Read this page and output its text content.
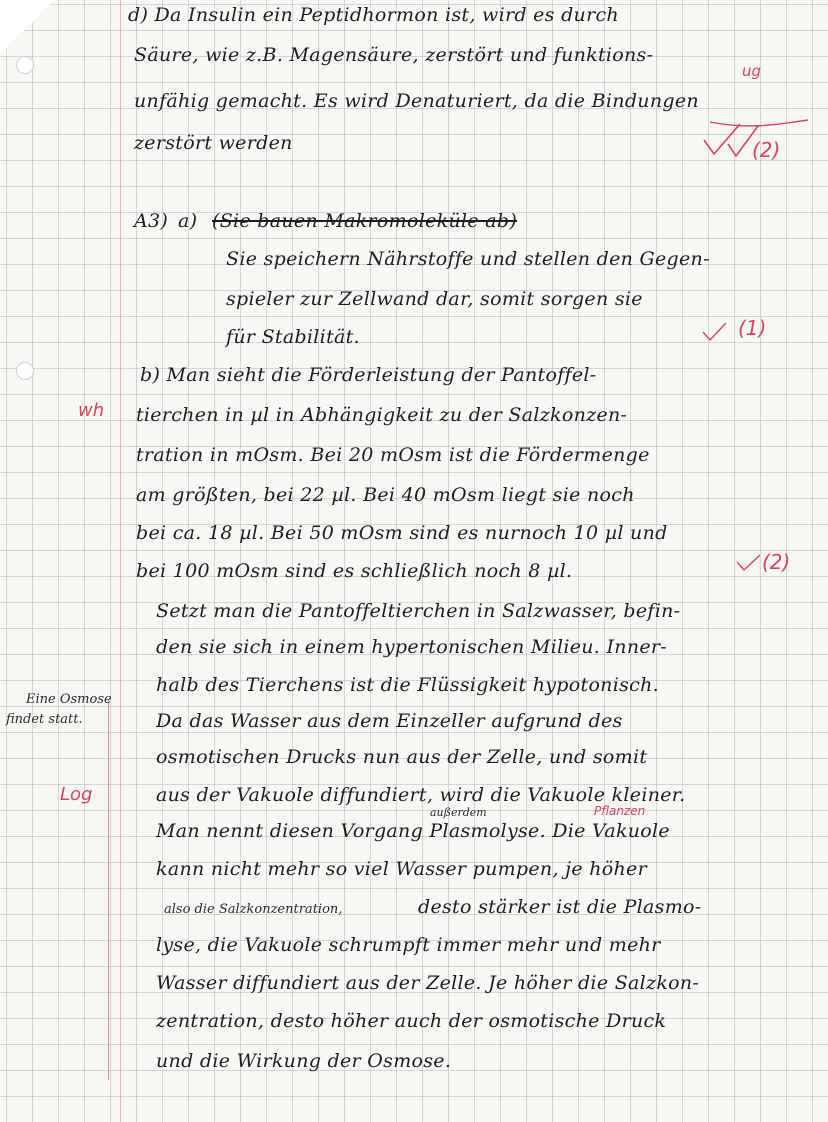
d) Da Insulin ein Peptidhormon ist, wird es durch
Säure, wie z.B. Magensäure, zerstört und funktions-
unfähig gemacht. Es wird Denaturiert, da die Bindungen
zerstört werden
ug
(2)
A3) a) (Sie bauen Makromoleküle ab)
Sie speichern Nährstoffe und stellen den Gegen-
spieler zur Zellwand dar, somit sorgen sie
für Stabilität.	(1)
b) Man sieht die Förderleistung der Pantoffel-
wh tierchen in µl in Abhängigkeit zu der Salzkonzen-
tration in mOsm. Bei 20 mOsm ist die Fördermenge
am größten, bei 22 µl. Bei 40 mOsm liegt sie noch
bei ca. 18 µl. Bei 50 mOsm sind es nurnoch 10 µl und
bei 100 mOsm sind es schließlich noch 8 µl.	(2)
Setzt man die Pantoffeltierchen in Salzwasser, befin-
den sie sich in einem hypertonischen Milieu. Inner-
halb des Tierchens ist die Flüssigkeit hypotonisch.
Eine Osmose
findet statt.	Da das Wasser aus dem Einzeller aufgrund des
osmotischen Drucks nun aus der Zelle, und somit
Log	aus der Vakuole diffundiert, wird die Vakuole kleiner.
außerdem	Pflanzen
Man nennt diesen Vorgang Plasmolyse. Die Vakuole
kann nicht mehr so viel Wasser pumpen, je höher
also die Salzkonzentration,	desto stärker ist die Plasmo-
lyse, die Vakuole schrumpft immer mehr und mehr
Wasser diffundiert aus der Zelle. Je höher die Salzkon-
zentration, desto höher auch der osmotische Druck
und die Wirkung der Osmose.
